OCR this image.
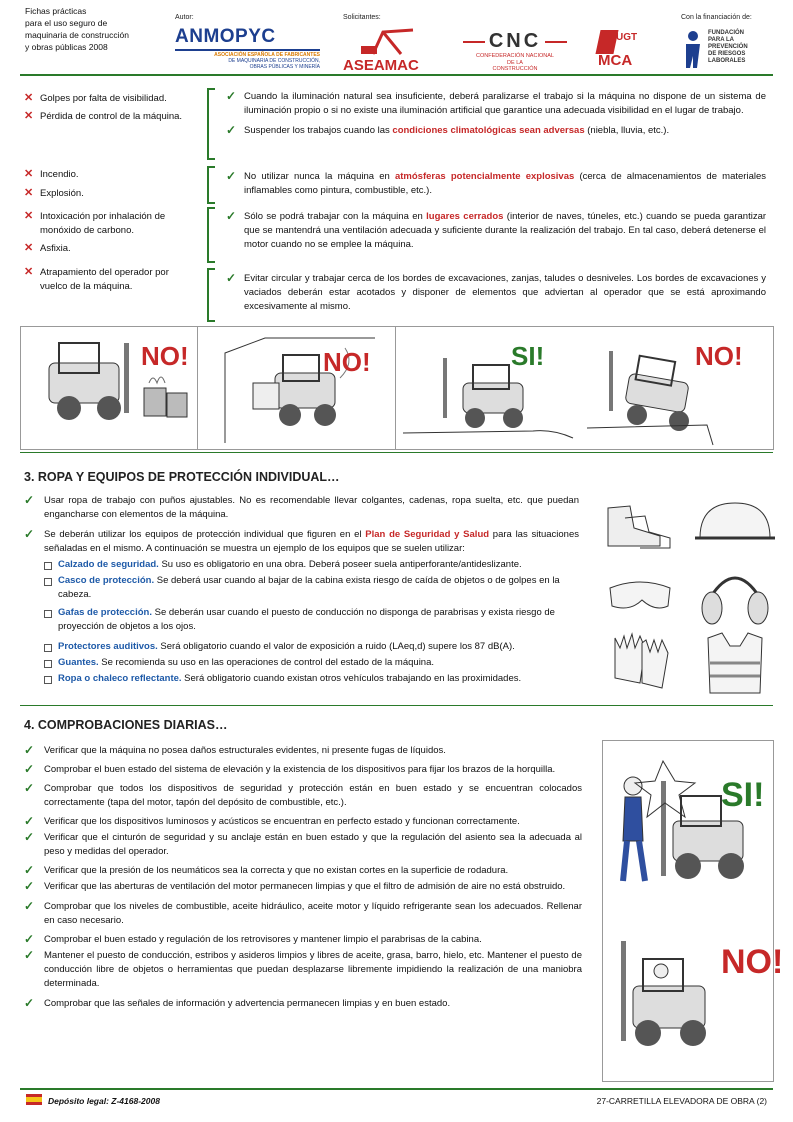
Fichas prácticas
para el uso seguro de
maquinaria de construcción
y obras públicas 2008
Autor:	Solicitantes:	Con la financiación de:
ANMOPYC
ASOCIACIÓN ESPAÑOLA DE FABRICANTES
DE MAQUINARIA DE CONSTRUCCIÓN,
OBRAS PÚBLICAS Y MINERÍA ASEAMAC
CNC
CONFEDERACIÓN NACIONAL
DE LA
CONSTRUCCIÓN
UGT
MCA
FUNDACIÓN
PARA LA
PREVENCIÓN
DE RIESGOS
LABORALES
✕ Golpes por falta de visibilidad.
✕ Pérdida de control de la máquina.
✕ Incendio.
✕ Explosión.
✕ Intoxicación por inhalación de monóxido de carbono.
✕ Asfixia.
✕ Atrapamiento del operador por vuelco de la máquina.
✓ Cuando la iluminación natural sea insuficiente, deberá paralizarse el trabajo si la máquina no dispone de un sistema de iluminación propio o si no existe una iluminación artificial que garantice una adecuada visibilidad en el lugar de trabajo.
✓ Suspender los trabajos cuando las condiciones climatológicas sean adversas (niebla, lluvia, etc.).
✓ No utilizar nunca la máquina en atmósferas potencialmente explosivas (cerca de almacenamientos de materiales inflamables como pintura, combustible, etc.).
✓ Sólo se podrá trabajar con la máquina en lugares cerrados (interior de naves, túneles, etc.) cuando se pueda garantizar que se mantendrá una ventilación adecuada y suficiente durante la realización del trabajo. En tal caso, deberá detenerse el motor cuando no se emplee la máquina.
✓ Evitar circular y trabajar cerca de los bordes de excavaciones, zanjas, taludes o desniveles. Los bordes de excavaciones y vaciados deberán estar acotados y disponer de elementos que adviertan al operador que se está aproximando excesivamente al mismo.
NO!	NO!	SI!	NO!
3. ROPA Y EQUIPOS DE PROTECCIÓN INDIVIDUAL…
✓ Usar ropa de trabajo con puños ajustables. No es recomendable llevar colgantes, cadenas, ropa suelta, etc. que puedan engancharse con elementos de la máquina.
✓ Se deberán utilizar los equipos de protección individual que figuren en el Plan de Seguridad y Salud para las situaciones señaladas en el mismo. A continuación se muestra un ejemplo de los equipos que se suelen utilizar:
Calzado de seguridad. Su uso es obligatorio en una obra. Deberá poseer suela antiperforante/antideslizante.
Casco de protección. Se deberá usar cuando al bajar de la cabina exista riesgo de caída de objetos o de golpes en la cabeza.
Gafas de protección. Se deberán usar cuando el puesto de conducción no disponga de parabrisas y exista riesgo de proyección de objetos a los ojos.
Protectores auditivos. Será obligatorio cuando el valor de exposición a ruido (LAeq,d) supere los 87 dB(A).
Guantes. Se recomienda su uso en las operaciones de control del estado de la máquina.
Ropa o chaleco reflectante. Será obligatorio cuando existan otros vehículos trabajando en las proximidades.
4. COMPROBACIONES DIARIAS…
✓ Verificar que la máquina no posea daños estructurales evidentes, ni presente fugas de líquidos.
✓ Comprobar el buen estado del sistema de elevación y la existencia de los dispositivos para fijar los brazos de la horquilla.
✓ Comprobar que todos los dispositivos de seguridad y protección están en buen estado y se encuentran colocados correctamente (tapa del motor, tapón del depósito de combustible, etc.).
✓ Verificar que los dispositivos luminosos y acústicos se encuentran en perfecto estado y funcionan correctamente.
✓ Verificar que el cinturón de seguridad y su anclaje están en buen estado y que la regulación del asiento sea la adecuada al peso y medidas del operador.
✓ Verificar que la presión de los neumáticos sea la correcta y que no existan cortes en la superficie de rodadura.
✓ Verificar que las aberturas de ventilación del motor permanecen limpias y que el filtro de admisión de aire no está obstruido.
✓ Comprobar que los niveles de combustible, aceite hidráulico, aceite motor y líquido refrigerante sean los adecuados. Rellenar en caso necesario.
✓ Comprobar el buen estado y regulación de los retrovisores y mantener limpio el parabrisas de la cabina.
✓ Mantener el puesto de conducción, estribos y asideros limpios y libres de aceite, grasa, barro, hielo, etc. Mantener el puesto de conducción libre de objetos o herramientas que puedan desplazarse libremente impidiendo la realización de una maniobra determinada.
✓ Comprobar que las señales de información y advertencia permanecen limpias y en buen estado.
SI!
NO!
Depósito legal: Z-4168-2008	27-CARRETILLA ELEVADORA DE OBRA (2)
